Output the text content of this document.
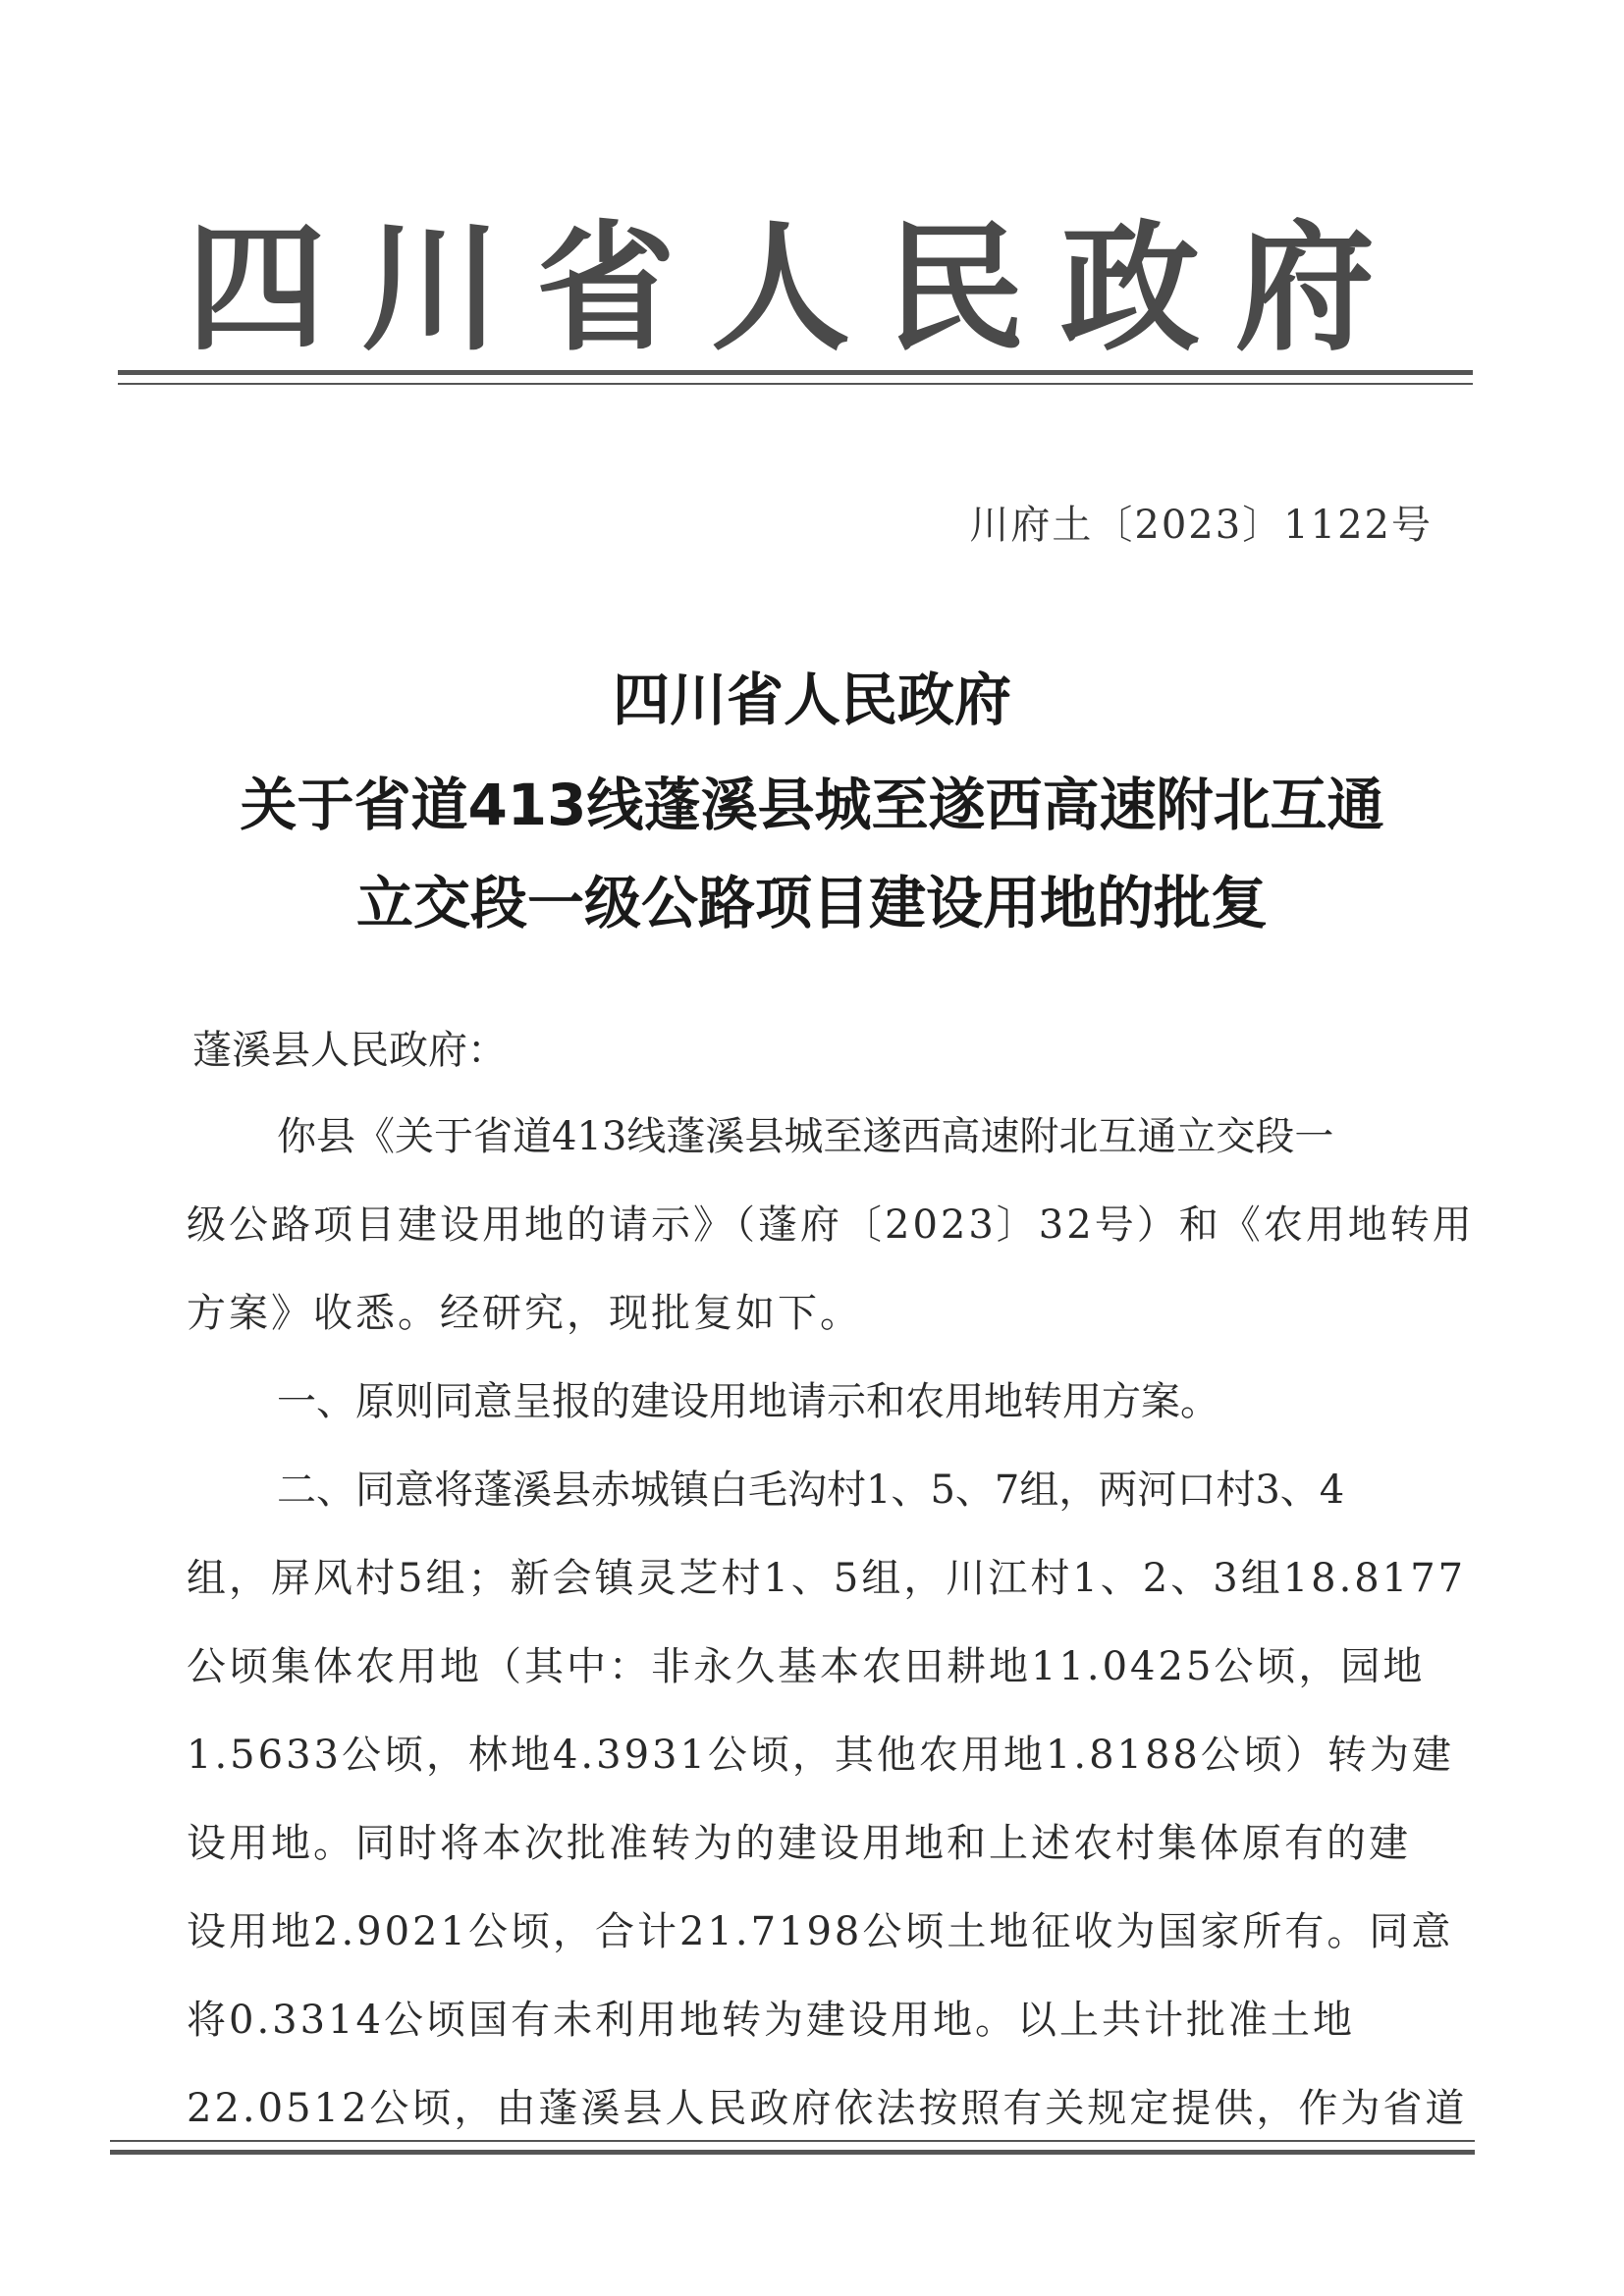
四川省人民政府
川府土〔2023〕1122号
四川省人民政府
关于省道413线蓬溪县城至遂西高速附北互通
立交段一级公路项目建设用地的批复
蓬溪县人民政府：
你县《关于省道413线蓬溪县城至遂西高速附北互通立交段一
级公路项目建设用地的请示》（蓬府〔2023〕32号）和《农用地转用
方案》收悉。经研究，现批复如下。
一、原则同意呈报的建设用地请示和农用地转用方案。
二、同意将蓬溪县赤城镇白毛沟村1、5、7组，两河口村3、4
组，屏风村5组；新会镇灵芝村1、5组，川江村1、2、3组18.8177
公顷集体农用地（其中：非永久基本农田耕地11.0425公顷，园地
1.5633公顷，林地4.3931公顷，其他农用地1.8188公顷）转为建
设用地。同时将本次批准转为的建设用地和上述农村集体原有的建
设用地2.9021公顷，合计21.7198公顷土地征收为国家所有。同意
将0.3314公顷国有未利用地转为建设用地。以上共计批准土地
22.0512公顷，由蓬溪县人民政府依法按照有关规定提供，作为省道
